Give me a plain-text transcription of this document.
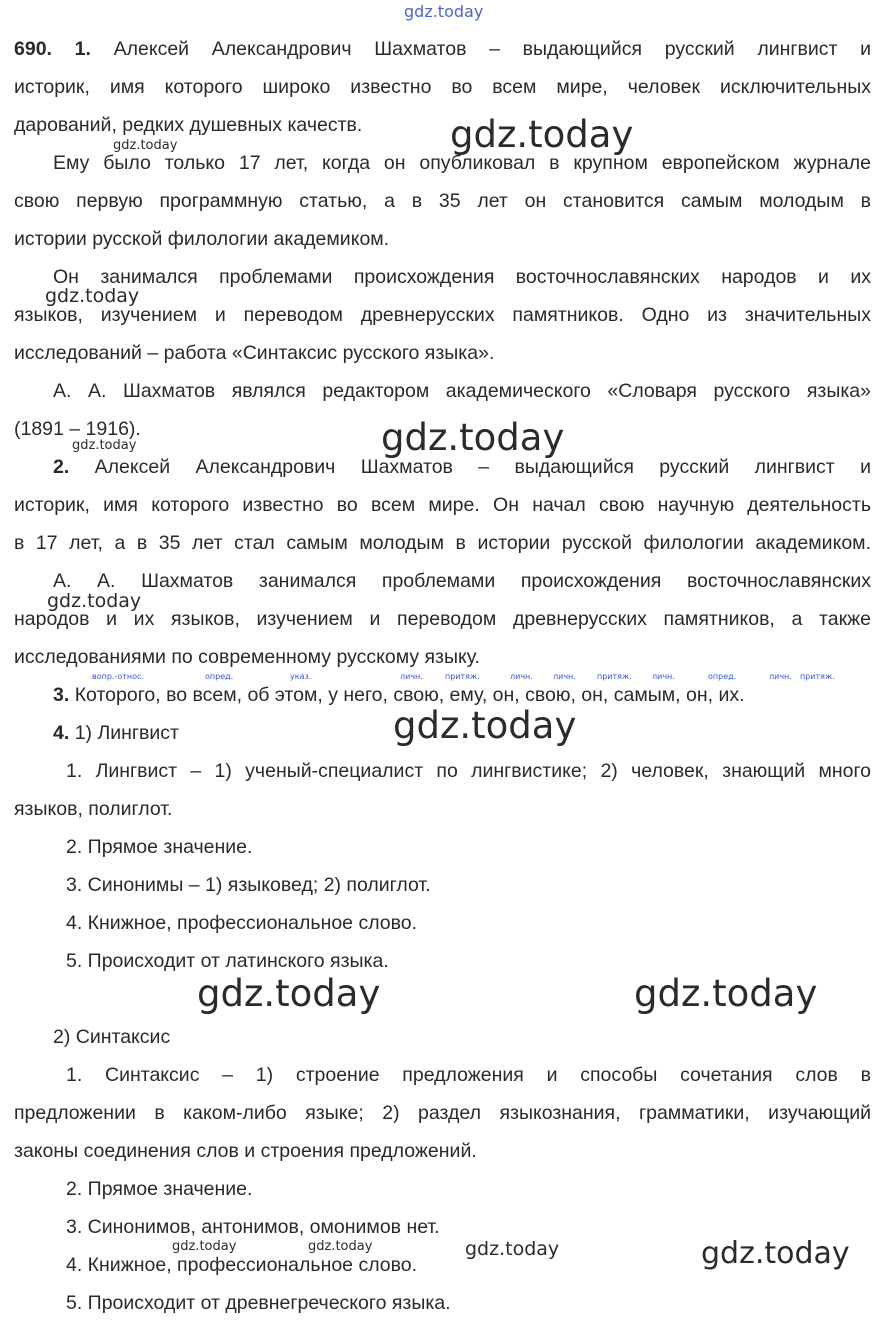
690. 1. Алексей Александрович Шахматов – выдающийся русский лингвист и
историк, имя которого широко известно во всем мире, человек исключительных
дарований, редких душевных качеств.
Ему было только 17 лет, когда он опубликовал в крупном европейском журнале
свою первую программную статью, а в 35 лет он становится самым молодым в
истории русской филологии академиком.
Он занимался проблемами происхождения восточнославянских народов и их
языков, изучением и переводом древнерусских памятников. Одно из значительных
исследований – работа «Синтаксис русского языка».
А. А. Шахматов являлся редактором академического «Словаря русского языка»
(1891 – 1916).
2. Алексей Александрович Шахматов – выдающийся русский лингвист и
историк, имя которого известно во всем мире. Он начал свою научную деятельность
в 17 лет, а в 35 лет стал самым молодым в истории русской филологии академиком.
А. А. Шахматов занимался проблемами происхождения восточнославянских
народов и их языков, изучением и переводом древнерусских памятников, а также
исследованиями по современному русскому языку.
вопр.-относ.	опред.	указ.	личн.	притяж.	личн.	личн.	притяж.	личн.	опред.	личн. притяж.
3. Которого, во всем, об этом, у него, свою, ему, он, свою, он, самым, он, их.
4. 1) Лингвист
1. Лингвист – 1) ученый-специалист по лингвистике; 2) человек, знающий много
языков, полиглот.
2. Прямое значение.
3. Синонимы – 1) языковед; 2) полиглот.
4. Книжное, профессиональное слово.
5. Происходит от латинского языка.
2) Синтаксис
1. Синтаксис – 1) строение предложения и способы сочетания слов в
предложении в каком-либо языке; 2) раздел языкознания, грамматики, изучающий
законы соединения слов и строения предложений.
2. Прямое значение.
3. Синонимов, антонимов, омонимов нет.
4. Книжное, профессиональное слово.
5. Происходит от древнегреческого языка.
gdz.today
gdz.today
gdz.today
gdz.today
gdz.today
gdz.today
gdz.today
gdz.today
gdz.today	gdz.today
gdz.today	gdz.today	gdz.today	gdz.today
